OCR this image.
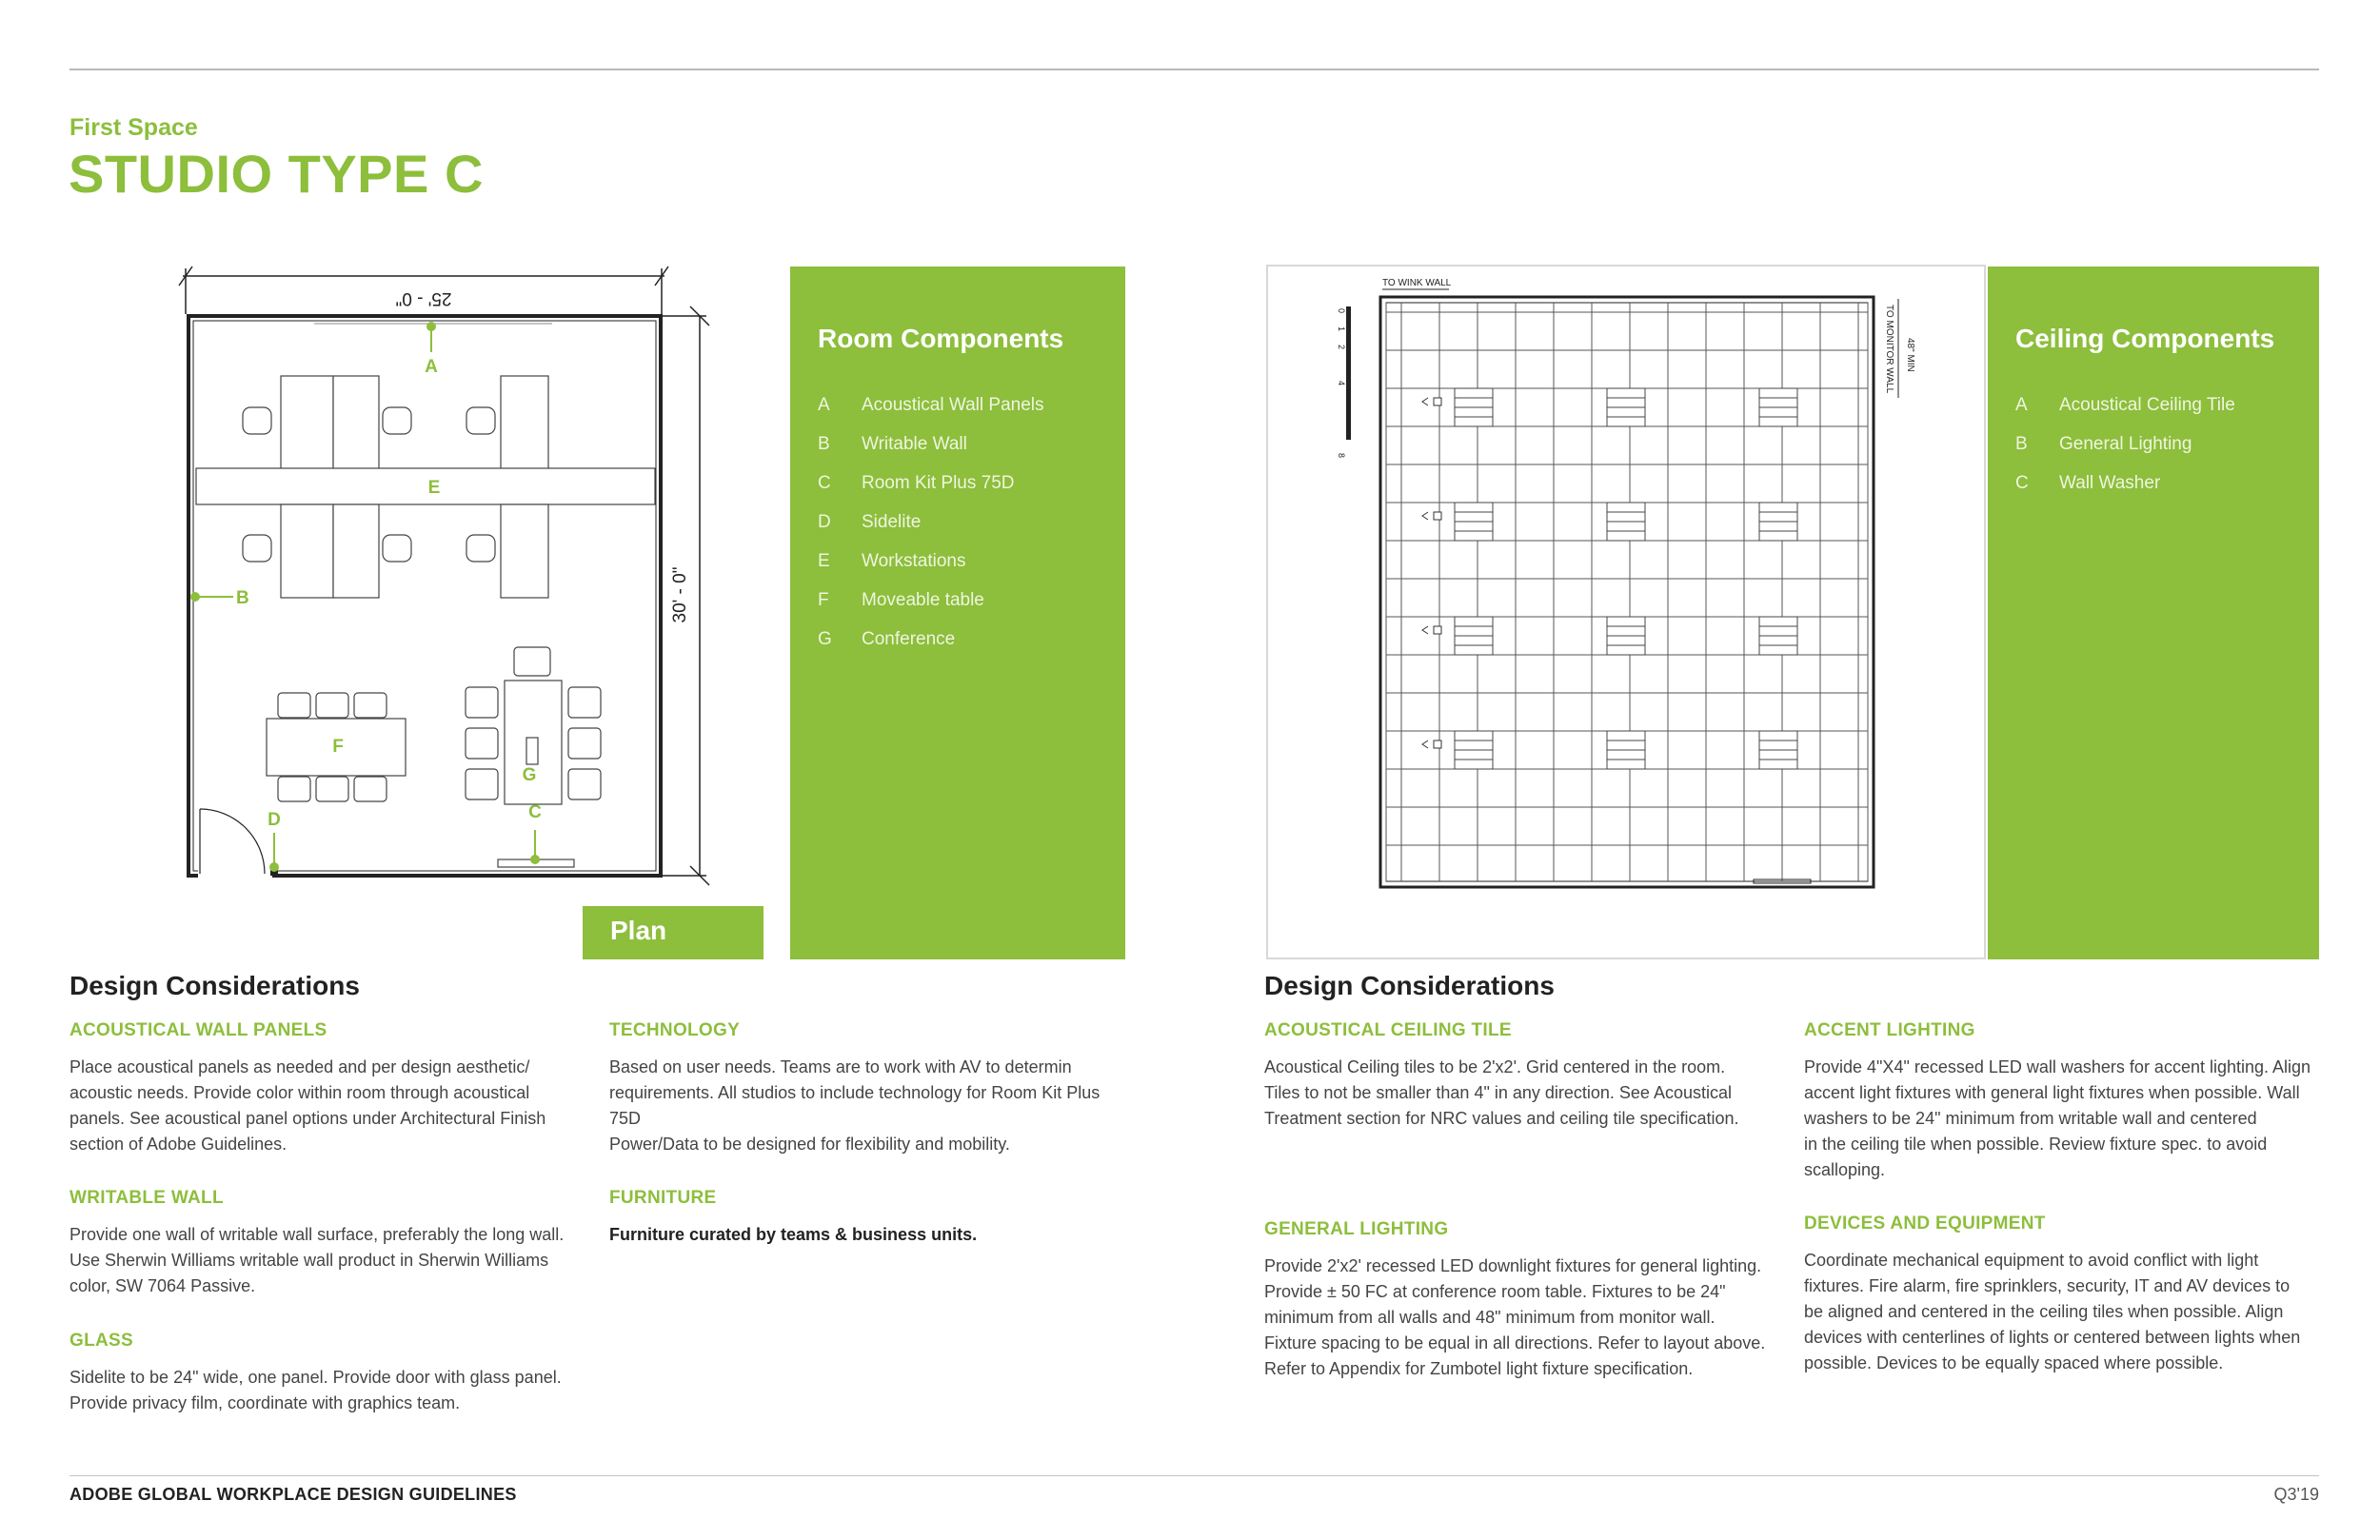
First Space
STUDIO TYPE C
25' - 0"
30' - 0"
A
B
C
D
E
F
G
Plan
Room Components
A	Acoustical Wall Panels
B	Writable Wall
C	Room Kit Plus 75D
D	Sidelite
E	Workstations
F	Moveable table
G	Conference
TO WINK WALL
TO MONITOR WALL 48" MIN
0
1
2
4
8
Ceiling Components
A	Acoustical Ceiling Tile
B	General Lighting
C	Wall Washer
Design Considerations
ACOUSTICAL WALL PANELS
Place acoustical panels as needed and per design aesthetic/
acoustic needs. Provide color within room through acoustical
panels. See acoustical panel options under Architectural Finish
section of Adobe Guidelines.
WRITABLE WALL
Provide one wall of writable wall surface, preferably the long wall.
Use Sherwin Williams writable wall product in Sherwin Williams
color, SW 7064 Passive.
GLASS
Sidelite to be 24" wide, one panel. Provide door with glass panel.
Provide privacy film, coordinate with graphics team.
TECHNOLOGY
Based on user needs. Teams are to work with AV to determin
requirements. All studios to include technology for Room Kit Plus
75D
Power/Data to be designed for flexibility and mobility.
FURNITURE
Furniture curated by teams & business units.
Design Considerations
ACOUSTICAL CEILING TILE
Acoustical Ceiling tiles to be 2'x2'. Grid centered in the room.
Tiles to not be smaller than 4" in any direction. See Acoustical
Treatment section for NRC values and ceiling tile specification.
GENERAL LIGHTING
Provide 2'x2' recessed LED downlight fixtures for general lighting.
Provide ± 50 FC at conference room table. Fixtures to be 24"
minimum from all walls and 48" minimum from monitor wall.
Fixture spacing to be equal in all directions. Refer to layout above.
Refer to Appendix for Zumbotel light fixture specification.
ACCENT LIGHTING
Provide 4"X4" recessed LED wall washers for accent lighting. Align
accent light fixtures with general light fixtures when possible. Wall
washers to be 24" minimum from writable wall and centered
in the ceiling tile when possible. Review fixture spec. to avoid
scalloping.
DEVICES AND EQUIPMENT
Coordinate mechanical equipment to avoid conflict with light
fixtures. Fire alarm, fire sprinklers, security, IT and AV devices to
be aligned and centered in the ceiling tiles when possible. Align
devices with centerlines of lights or centered between lights when
possible. Devices to be equally spaced where possible.
ADOBE GLOBAL WORKPLACE DESIGN GUIDELINES	Q3'19
